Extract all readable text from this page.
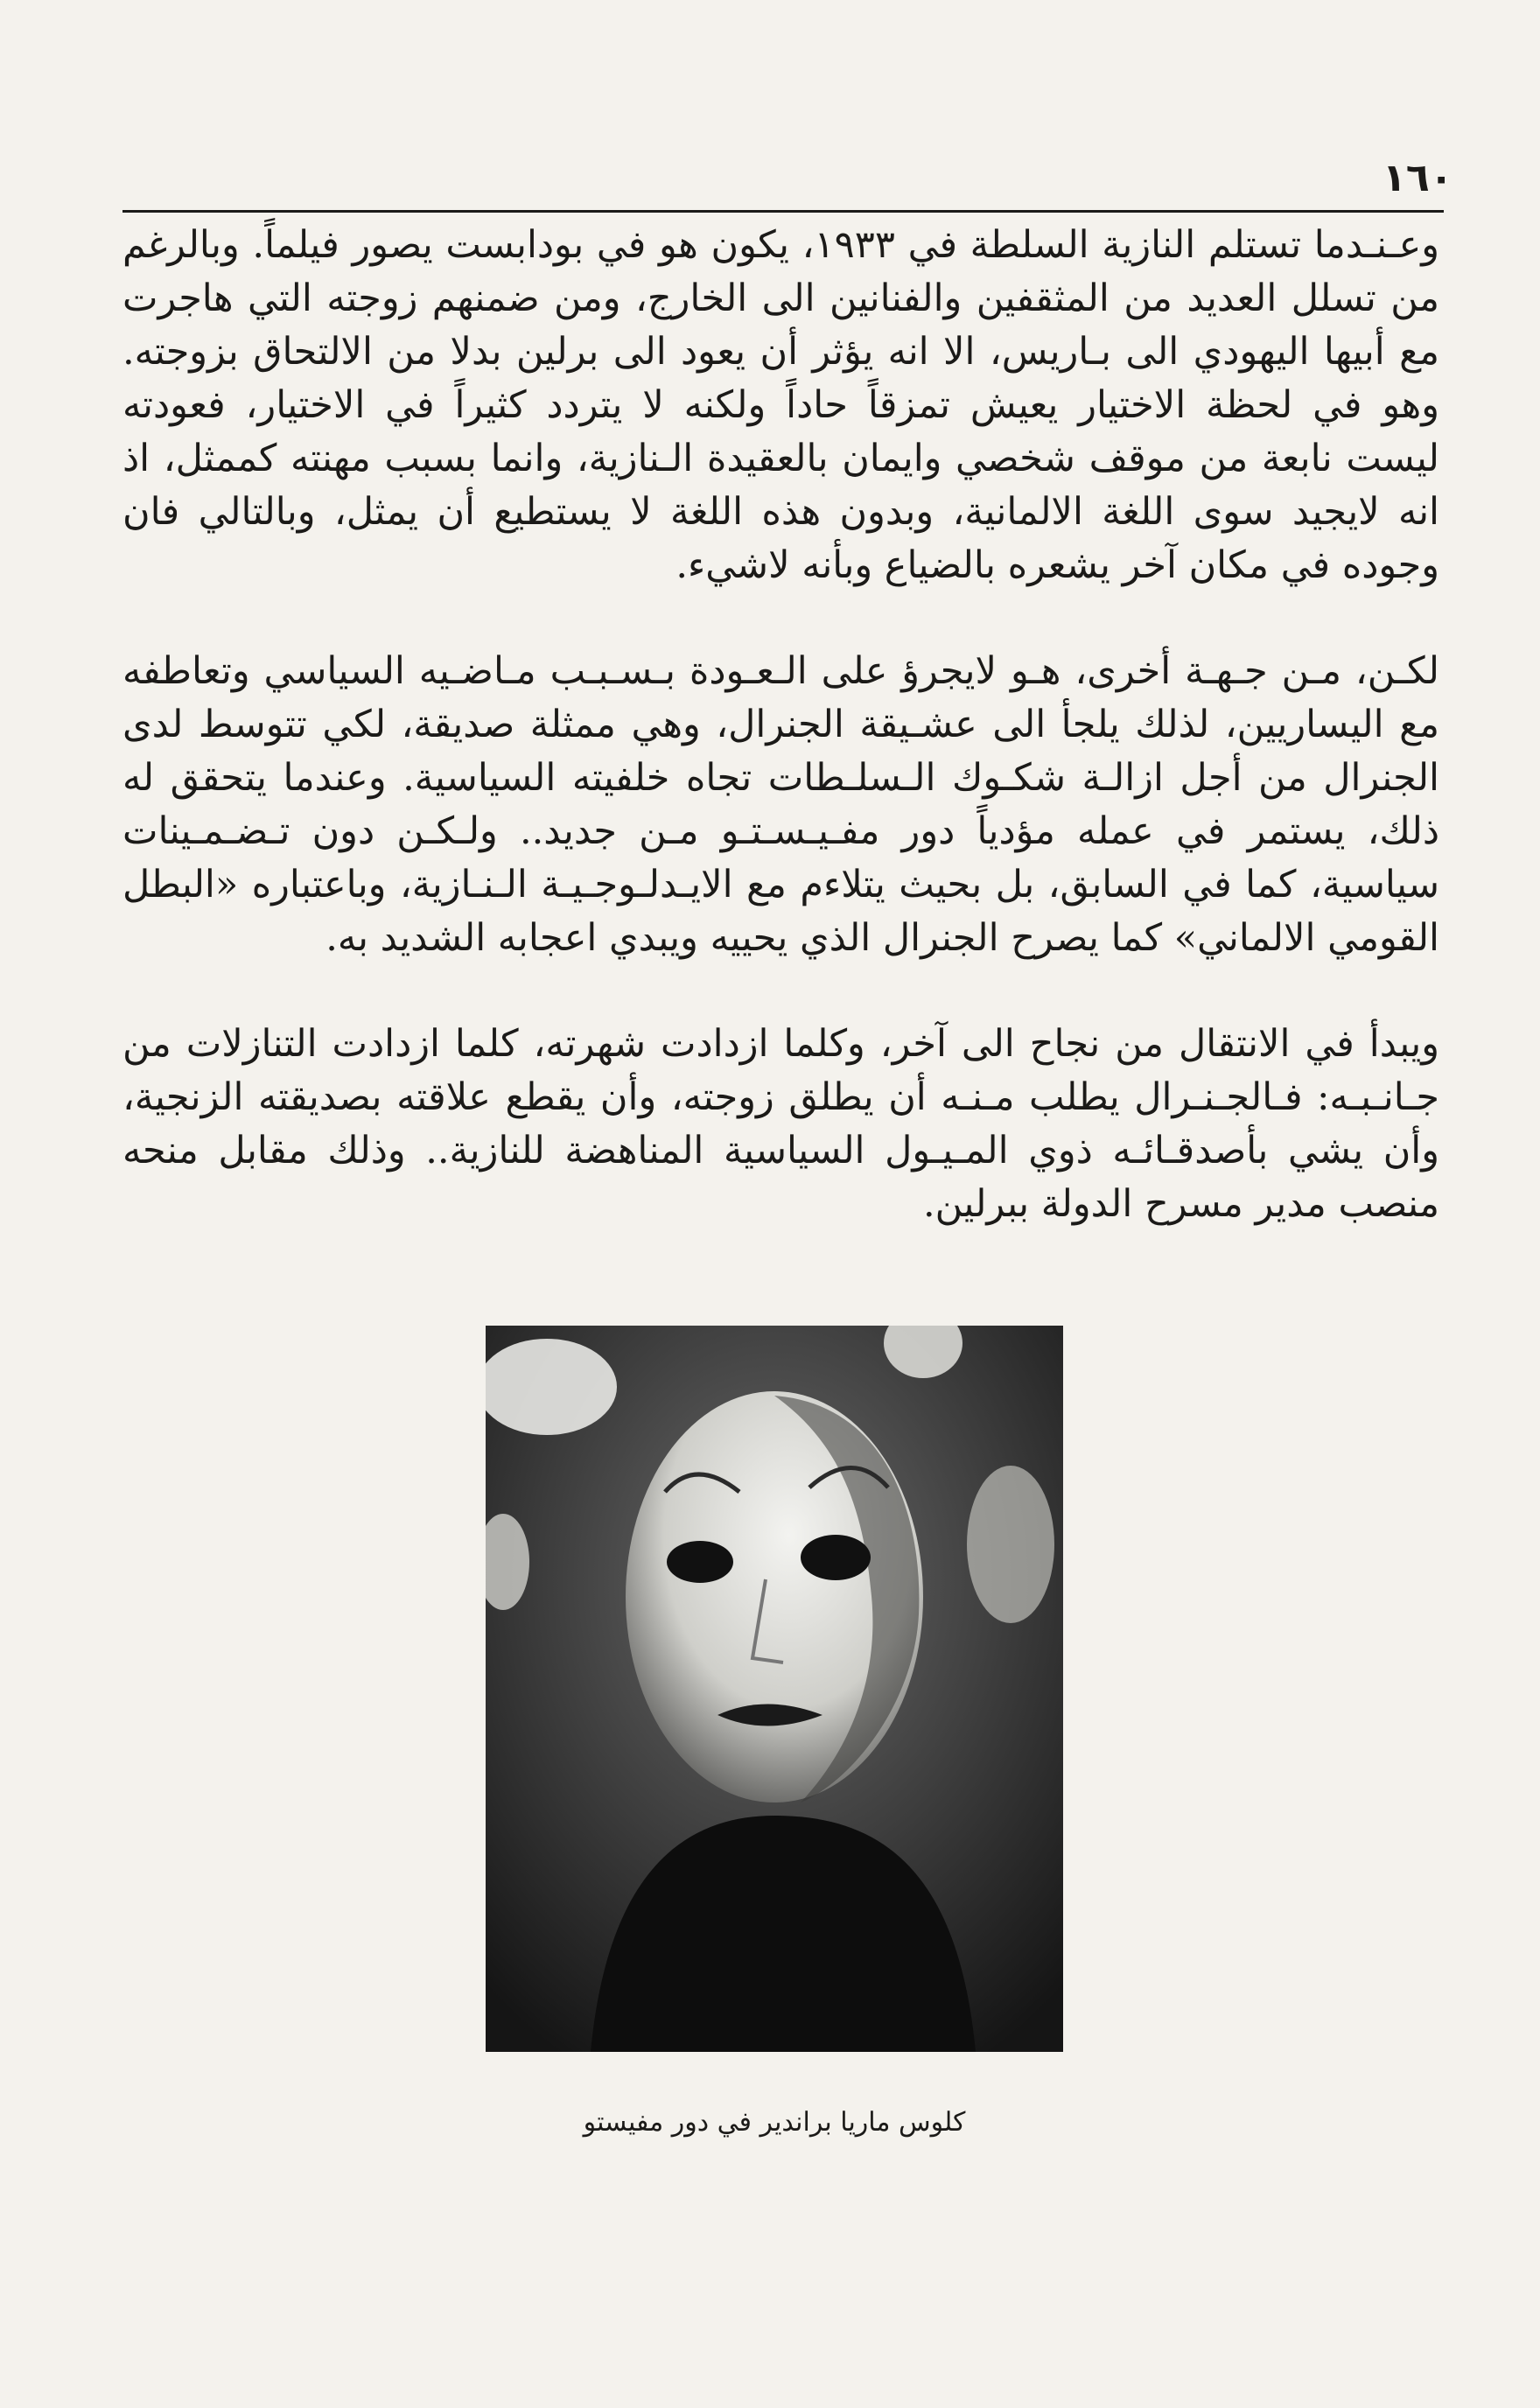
١٦٠

وعـنـدما تستلم النازية السلطة في ١٩٣٣، يكون هو في بودابست يصور فيلماً. وبالرغم من تسلل العديد من المثقفين والفنانين الى الخارج، ومن ضمنهم زوجته التي هاجرت مع أبيها اليهودي الى بـاريس، الا انه يؤثر أن يعود الى برلين بدلا من الالتحاق بزوجته. وهو في لحظة الاختيار يعيش تمزقاً حاداً ولكنه لا يتردد كثيراً في الاختيار، فعودته ليست نابعة من موقف شخصي وايمان بالعقيدة الـنازية، وانما بسبب مهنته كممثل، اذ انه لايجيد سوى اللغة الالمانية، وبدون هذه اللغة لا يستطيع أن يمثل، وبالتالي فان وجوده في مكان آخر يشعره بالضياع وبأنه لاشيء.

لكـن، مـن جـهـة أخرى، هـو لايجرؤ على الـعـودة بـسـبـب مـاضـيه السياسي وتعاطفه مع اليساريين، لذلك يلجأ الى عشـيقة الجنرال، وهي ممثلة صديقة، لكي تتوسط لدى الجنرال من أجل ازالـة شكـوك الـسلـطات تجاه خلفيته السياسية. وعندما يتحقق له ذلك، يستمر في عمله مؤدياً دور مفـيـسـتـو مـن جديد.. ولـكـن دون تـضـمـينات سياسية، كما في السابق، بل بحيث يتلاءم مع الايـدلـوجـيـة الـنـازية، وباعتباره «البطل القومي الالماني» كما يصرح الجنرال الذي يحييه ويبدي اعجابه الشديد به.

ويبدأ في الانتقال من نجاح الى آخر، وكلما ازدادت شهرته، كلما ازدادت التنازلات من جـانـبـه: فـالجـنـرال يطلب مـنـه أن يطلق زوجته، وأن يقطع علاقته بصديقته الزنجية، وأن يشي بأصدقـائـه ذوي المـيـول السياسية المناهضة للنازية.. وذلك مقابل منحه منصب مدير مسرح الدولة ببرلين.

كلوس ماريا براندير في دور مفيستو
